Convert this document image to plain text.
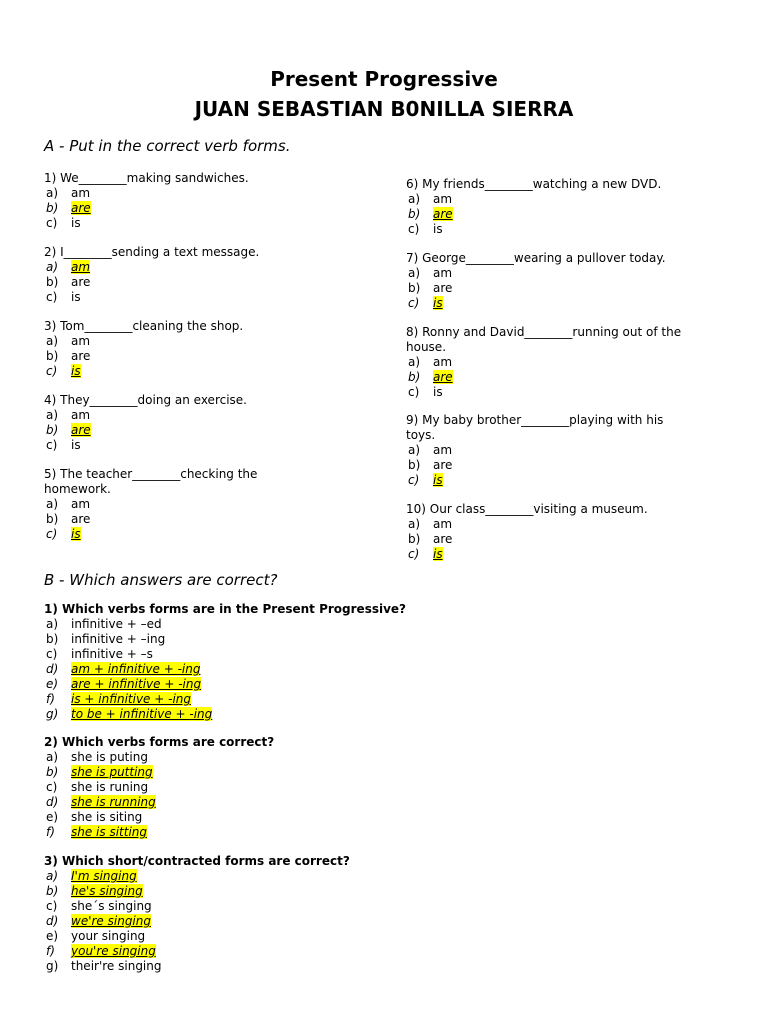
Present Progressive
JUAN SEBASTIAN B0NILLA SIERRA
A - Put in the correct verb forms.
1) We________making sandwiches.
a) am
b) are
c) is
2) I________sending a text message.
a) am
b) are
c) is
3) Tom________cleaning the shop.
a) am
b) are
c) is
4) They________doing an exercise.
a) am
b) are
c) is
5) The teacher________checking the
homework.
a) am
b) are
c) is
6) My friends________watching a new DVD.
a) am
b) are
c) is
7) George________wearing a pullover today.
a) am
b) are
c) is
8) Ronny and David________running out of the
house.
a) am
b) are
c) is
9) My baby brother________playing with his
toys.
a) am
b) are
c) is
10) Our class________visiting a museum.
a) am
b) are
c) is
B - Which answers are correct?
1) Which verbs forms are in the Present Progressive?
a) infinitive + –ed
b) infinitive + –ing
c) infinitive + –s
d) am + infinitive + -ing
e) are + infinitive + -ing
f) is + infinitive + -ing
g) to be + infinitive + -ing
2) Which verbs forms are correct?
a) she is puting
b) she is putting
c) she is runing
d) she is running
e) she is siting
f) she is sitting
3) Which short/contracted forms are correct?
a) I'm singing
b) he's singing
c) she´s singing
d) we're singing
e) your singing
f) you're singing
g) their're singing
